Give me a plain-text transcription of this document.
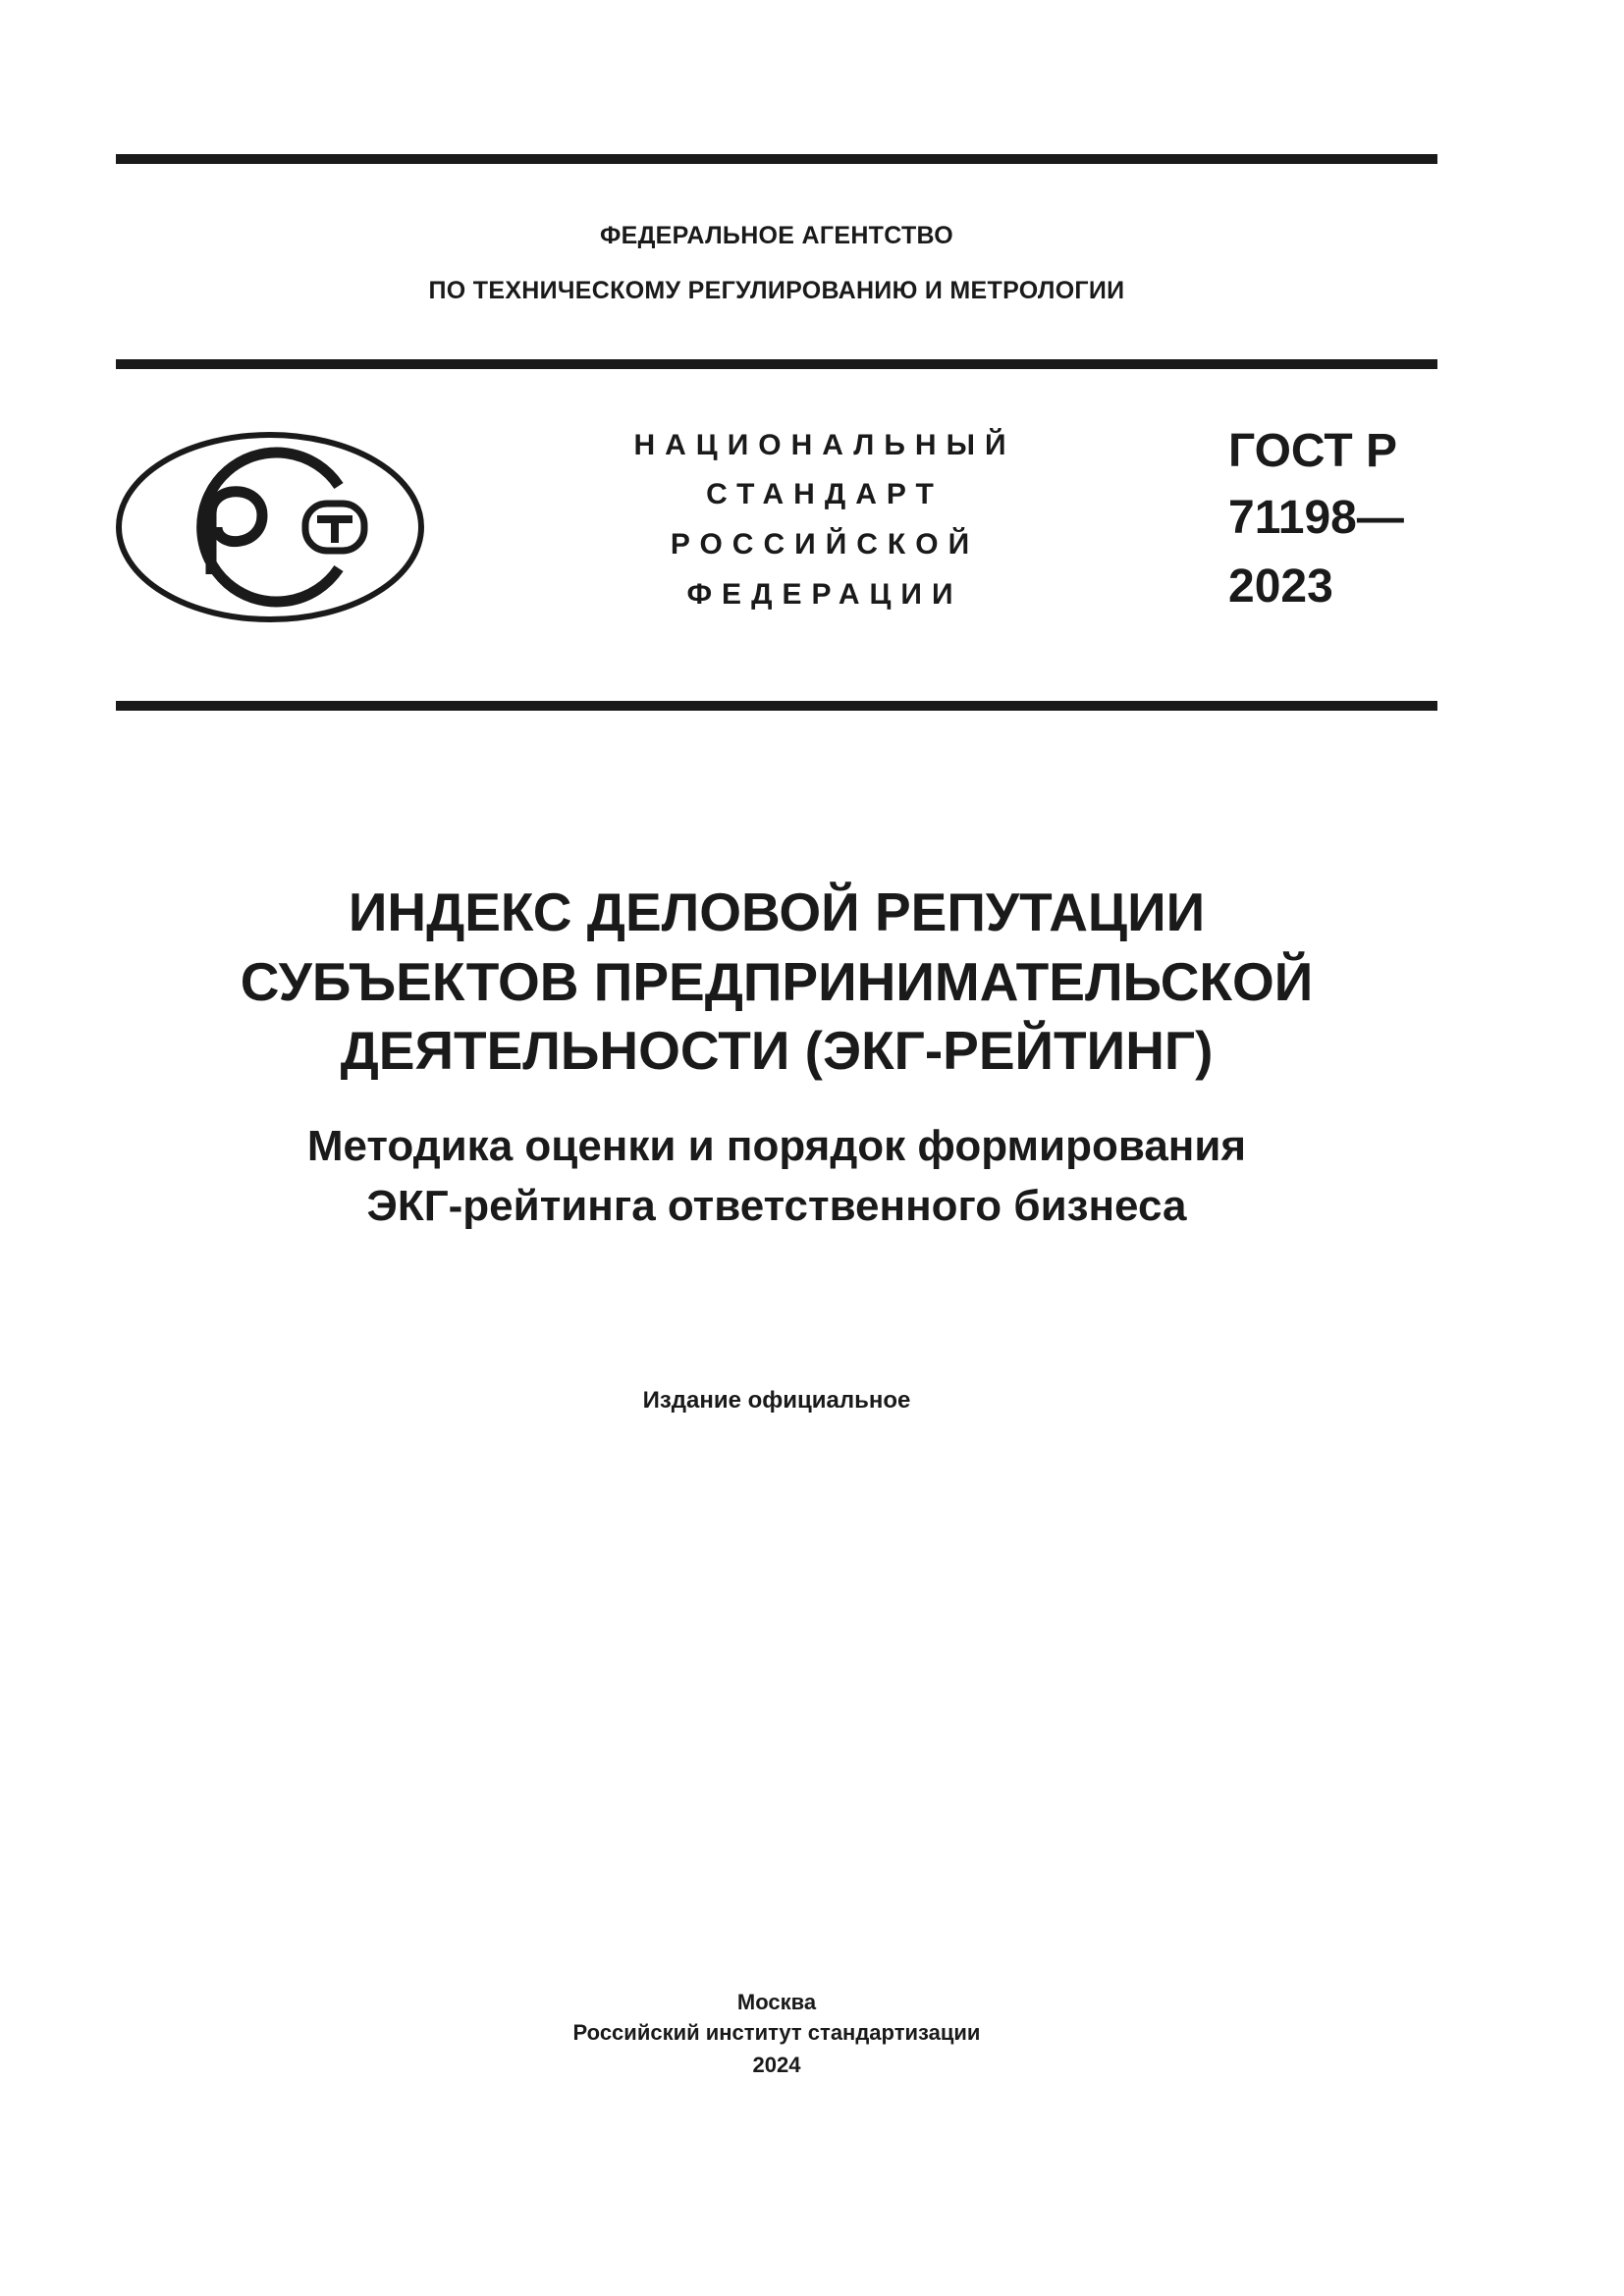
ФЕДЕРАЛЬНОЕ АГЕНТСТВО
ПО ТЕХНИЧЕСКОМУ РЕГУЛИРОВАНИЮ И МЕТРОЛОГИИ
НАЦИОНАЛЬНЫЙ
СТАНДАРТ
РОССИЙСКОЙ
ФЕДЕРАЦИИ
ГОСТ Р
71198—
2023
ИНДЕКС ДЕЛОВОЙ РЕПУТАЦИИ
СУБЪЕКТОВ ПРЕДПРИНИМАТЕЛЬСКОЙ
ДЕЯТЕЛЬНОСТИ (ЭКГ-РЕЙТИНГ)
Методика оценки и порядок формирования
ЭКГ-рейтинга ответственного бизнеса
Издание официальное
Москва
Российский институт стандартизации
2024
